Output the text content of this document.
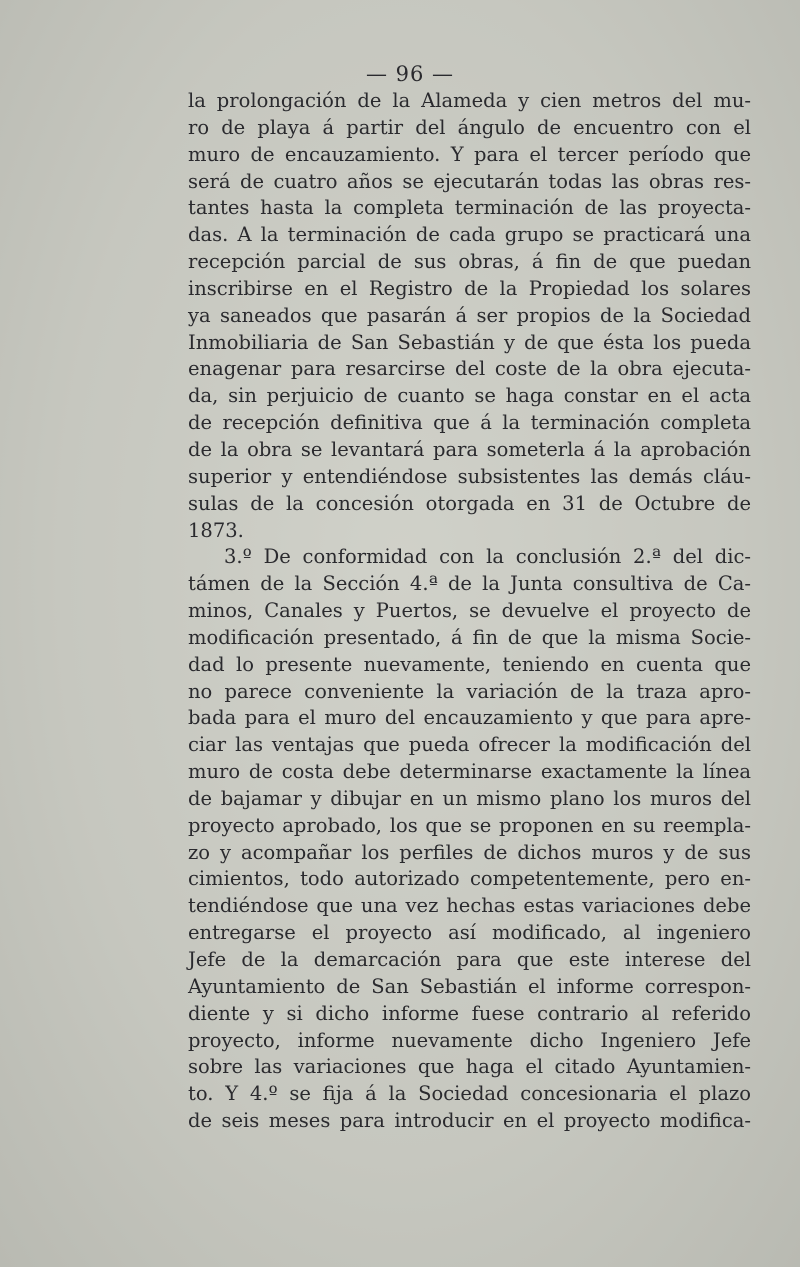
— 96 —
la prolongación de la Alameda y cien metros del mu-
ro de playa á partir del ángulo de encuentro con el
muro de encauzamiento. Y para el tercer período que
será de cuatro años se ejecutarán todas las obras res-
tantes hasta la completa terminación de las proyecta-
das. A la terminación de cada grupo se practicará una
recepción parcial de sus obras, á fin de que puedan
inscribirse en el Registro de la Propiedad los solares
ya saneados que pasarán á ser propios de la Sociedad
Inmobiliaria de San Sebastián y de que ésta los pueda
enagenar para resarcirse del coste de la obra ejecuta-
da, sin perjuicio de cuanto se haga constar en el acta
de recepción definitiva que á la terminación completa
de la obra se levantará para someterla á la aprobación
superior y entendiéndose subsistentes las demás cláu-
sulas de la concesión otorgada en 31 de Octubre de
1873.
3.º De conformidad con la conclusión 2.ª del dic-
támen de la Sección 4.ª de la Junta consultiva de Ca-
minos, Canales y Puertos, se devuelve el proyecto de
modificación presentado, á fin de que la misma Socie-
dad lo presente nuevamente, teniendo en cuenta que
no parece conveniente la variación de la traza apro-
bada para el muro del encauzamiento y que para apre-
ciar las ventajas que pueda ofrecer la modificación del
muro de costa debe determinarse exactamente la línea
de bajamar y dibujar en un mismo plano los muros del
proyecto aprobado, los que se proponen en su reempla-
zo y acompañar los perfiles de dichos muros y de sus
cimientos, todo autorizado competentemente, pero en-
tendiéndose que una vez hechas estas variaciones debe
entregarse el proyecto así modificado, al ingeniero
Jefe de la demarcación para que este interese del
Ayuntamiento de San Sebastián el informe correspon-
diente y si dicho informe fuese contrario al referido
proyecto, informe nuevamente dicho Ingeniero Jefe
sobre las variaciones que haga el citado Ayuntamien-
to. Y 4.º se fija á la Sociedad concesionaria el plazo
de seis meses para introducir en el proyecto modifica-
